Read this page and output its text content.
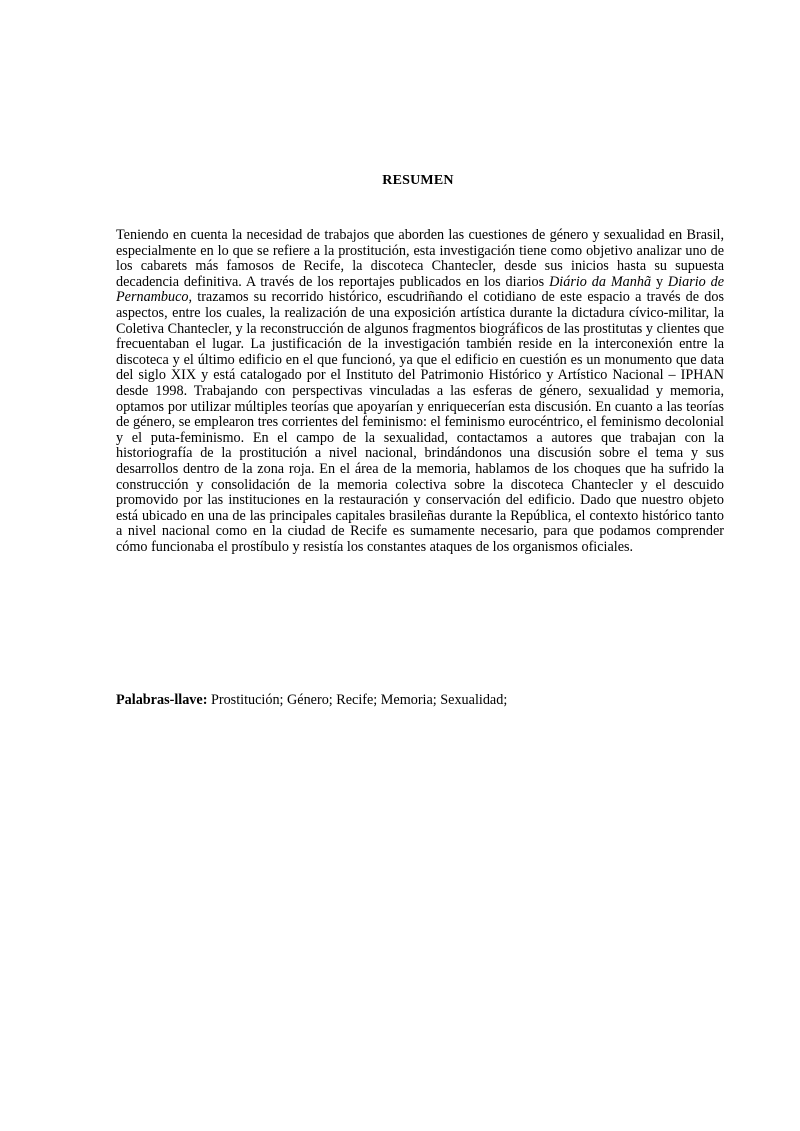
RESUMEN

Teniendo en cuenta la necesidad de trabajos que aborden las cuestiones de género y sexualidad en Brasil, especialmente en lo que se refiere a la prostitución, esta investigación tiene como objetivo analizar uno de los cabarets más famosos de Recife, la discoteca Chantecler, desde sus inicios hasta su supuesta decadencia definitiva. A través de los reportajes publicados en los diarios Diário da Manhã y Diario de Pernambuco, trazamos su recorrido histórico, escudriñando el cotidiano de este espacio a través de dos aspectos, entre los cuales, la realización de una exposición artística durante la dictadura cívico-militar, la Coletiva Chantecler, y la reconstrucción de algunos fragmentos biográficos de las prostitutas y clientes que frecuentaban el lugar. La justificación de la investigación también reside en la interconexión entre la discoteca y el último edificio en el que funcionó, ya que el edificio en cuestión es un monumento que data del siglo XIX y está catalogado por el Instituto del Patrimonio Histórico y Artístico Nacional – IPHAN desde 1998. Trabajando con perspectivas vinculadas a las esferas de género, sexualidad y memoria, optamos por utilizar múltiples teorías que apoyarían y enriquecerían esta discusión. En cuanto a las teorías de género, se emplearon tres corrientes del feminismo: el feminismo eurocéntrico, el feminismo decolonial y el puta-feminismo. En el campo de la sexualidad, contactamos a autores que trabajan con la historiografía de la prostitución a nivel nacional, brindándonos una discusión sobre el tema y sus desarrollos dentro de la zona roja. En el área de la memoria, hablamos de los choques que ha sufrido la construcción y consolidación de la memoria colectiva sobre la discoteca Chantecler y el descuido promovido por las instituciones en la restauración y conservación del edificio. Dado que nuestro objeto está ubicado en una de las principales capitales brasileñas durante la República, el contexto histórico tanto a nivel nacional como en la ciudad de Recife es sumamente necesario, para que podamos comprender cómo funcionaba el prostíbulo y resistía los constantes ataques de los organismos oficiales.

Palabras-llave: Prostitución; Género; Recife; Memoria; Sexualidad;
